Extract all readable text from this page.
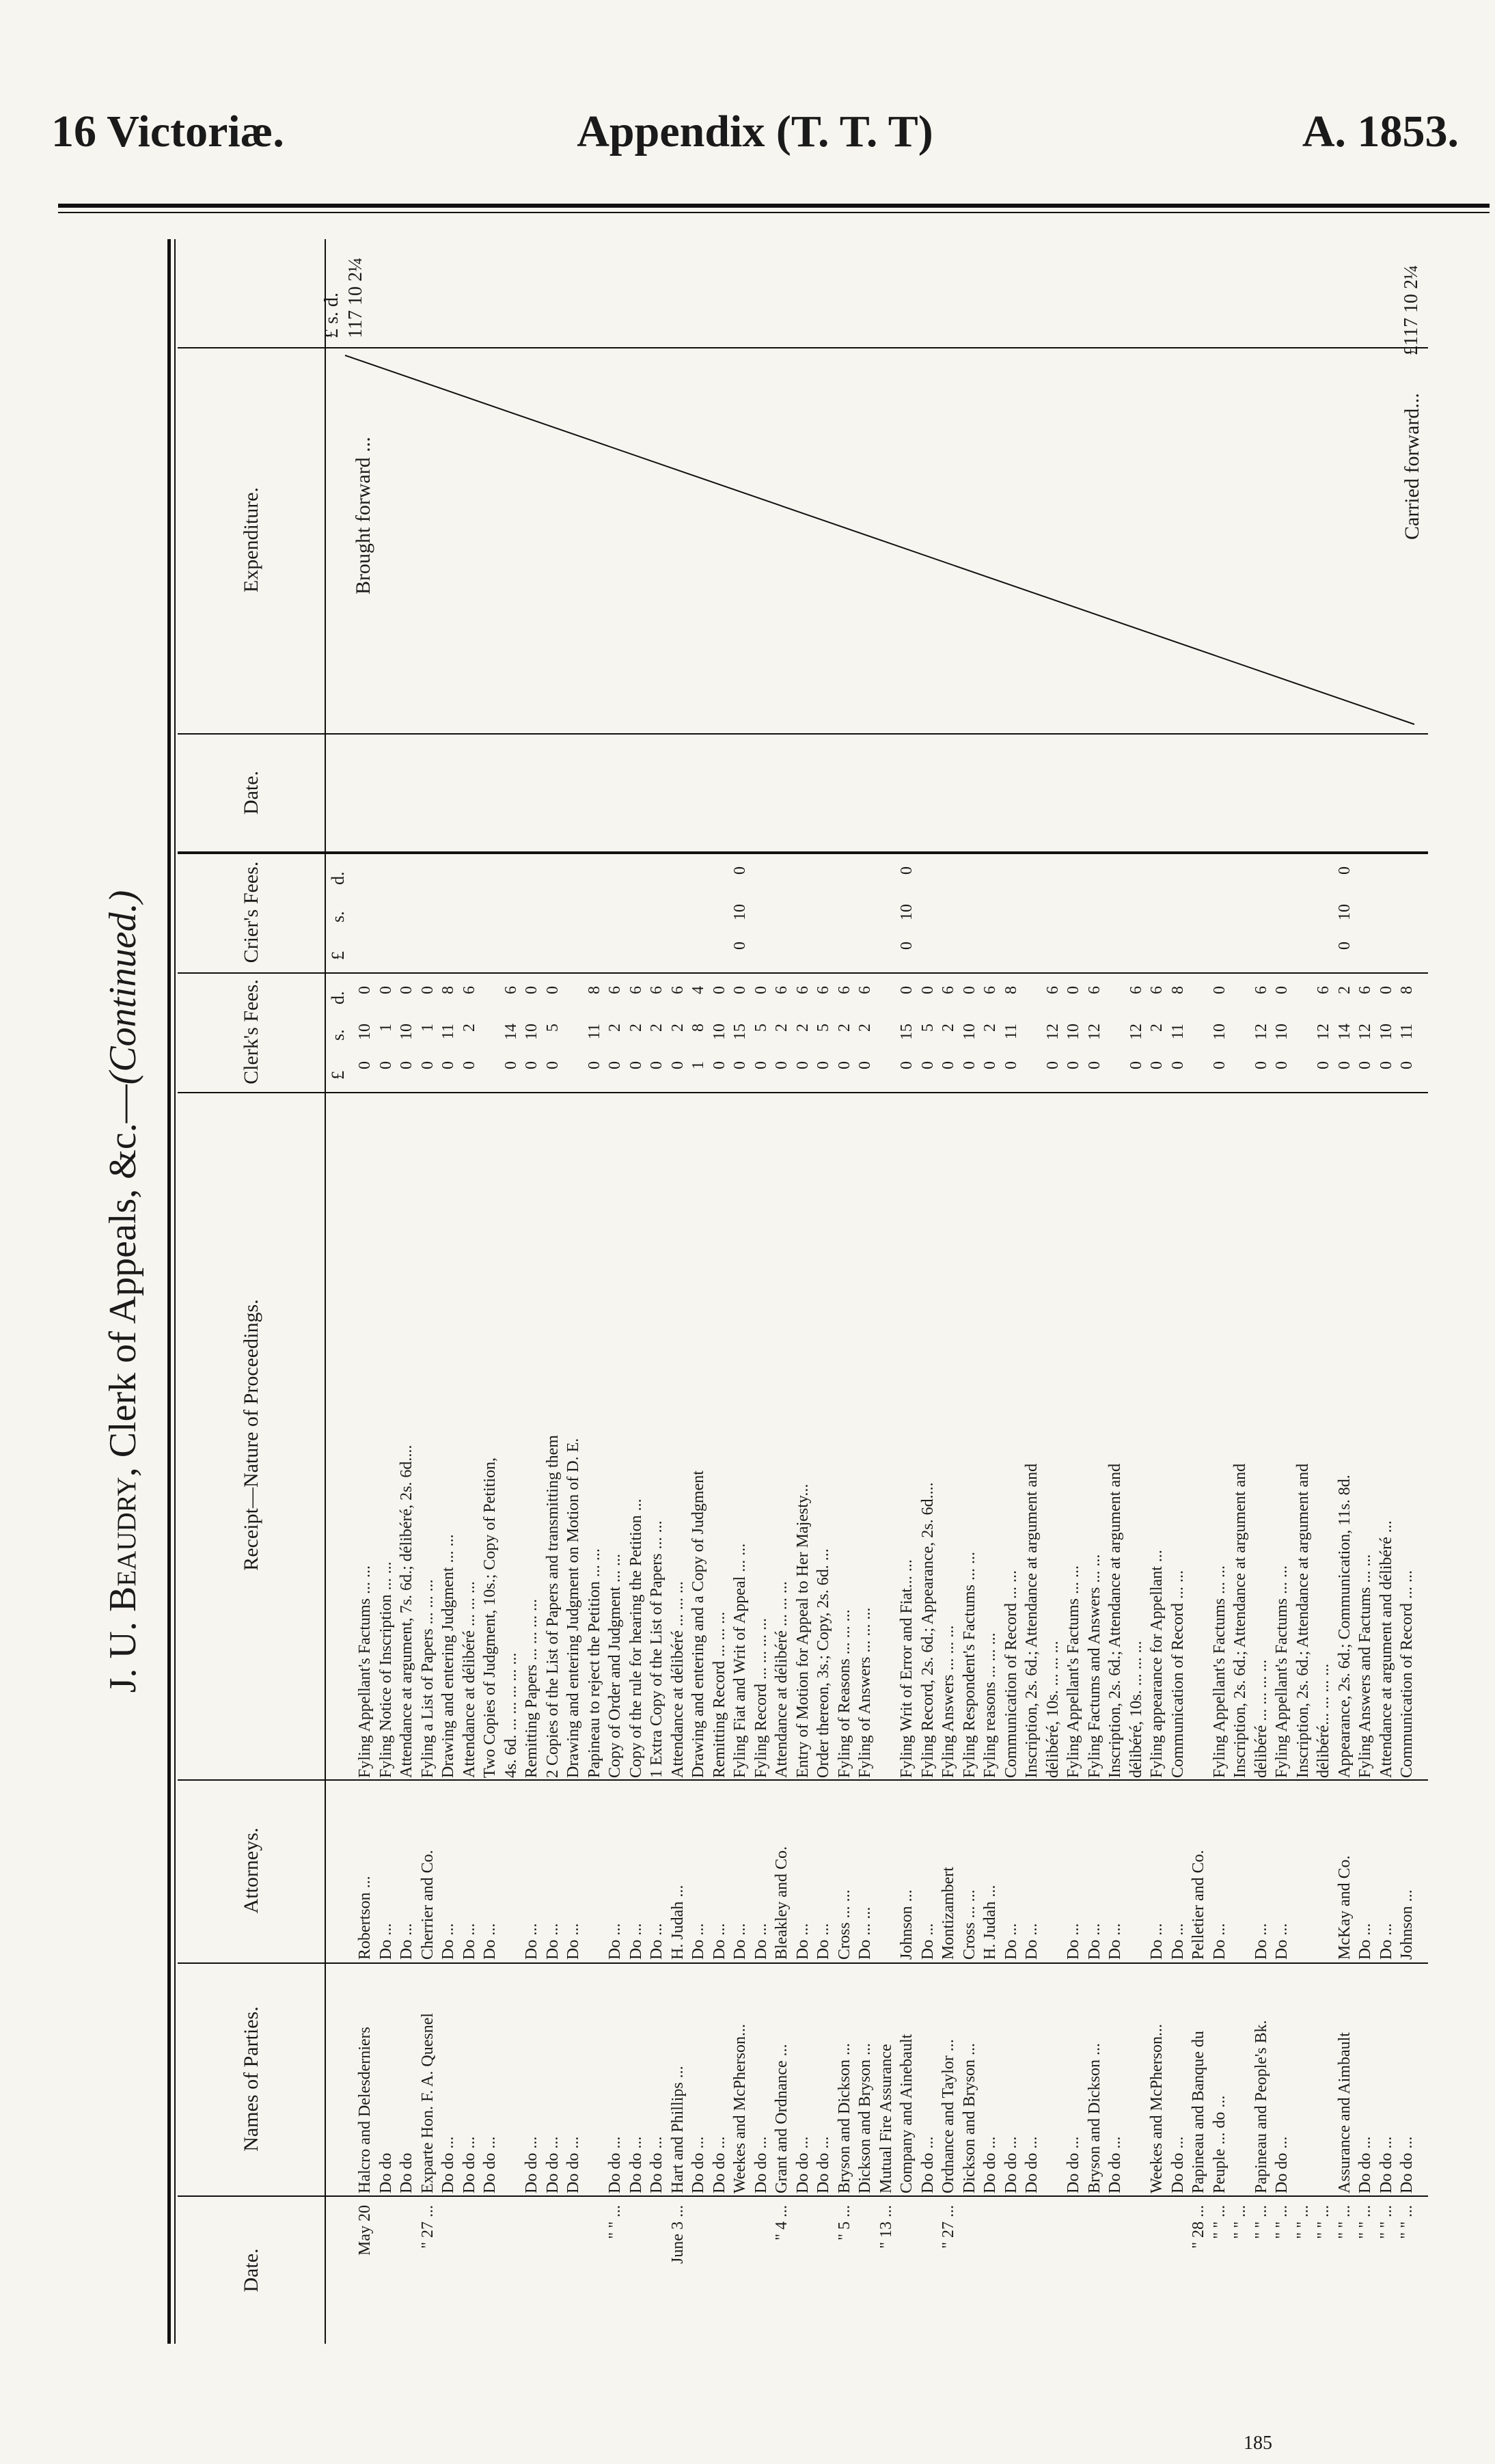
16 Victoriæ.	Appendix (T. T. T)	A. 1853.
J. U. Beaudry, Clerk of Appeals, &c.—(Continued.)
Date.
Names of Parties.
Attorneys.
Receipt—Nature of Proceedings.
Clerk's Fees.
Crier's Fees.
Date.
Expenditure.
£
s.
d.
£
s.
d.
Brought forward ...
£ s. d.
117 10 2¼
Carried forward...
£117 10 2¼
May 20
Halcro and Delesderniers
Robertson ...
Fyling Appellant's Factums ... ...
0
10
0
Do do
Do ...
Fyling Notice of Inscription ... ...
0
1
0
Do do
Do ...
Attendance at argument, 7s. 6d.; délibéré, 2s. 6d....
0
10
0
" 27 ...
Exparte Hon. F. A. Quesnel
Cherrier and Co.
Fyling a List of Papers ... ... ...
0
1
0
Do do ...
Do ...
Drawing and entering Judgment ... ...
0
11
8
Do do ...
Do ...
Attendance at délibéré ... ... ...
0
2
6
Do do ...
Do ...
Two Copies of Judgment, 10s.; Copy of Petition, 4s. 6d. ... ... ... ... ...
0
14
6
Do do ...
Do ...
Remitting Papers ... ... ... ...
0
10
0
Do do ...
Do ...
2 Copies of the List of Papers and transmitting them
0
5
0
Do do ...
Do ...
Drawing and entering Judgment on Motion of D. E. Papineau to reject the Petition ... ...
0
11
8
" " ...
Do do ...
Do ...
Copy of Order and Judgment ... ...
0
2
6
Do do ...
Do ...
Copy of the rule for hearing the Petition ...
0
2
6
Do do ...
Do ...
1 Extra Copy of the List of Papers ... ...
0
2
6
June 3 ...
Hart and Phillips ...
H. Judah ...
Attendance at délibéré ... ... ...
0
2
6
Do do ...
Do ...
Drawing and entering and a Copy of Judgment
1
8
4
Do do ...
Do ...
Remitting Record ... ... ...
0
10
0
Weekes and McPherson...
Do ...
Fyling Fiat and Writ of Appeal ... ...
0
15
0
0
10
0
Do do ...
Do ...
Fyling Record ... ... ... ...
0
5
0
" 4 ...
Grant and Ordnance ...
Bleakley and Co.
Attendance at délibéré ... ... ...
0
2
6
Do do ...
Do ...
Entry of Motion for Appeal to Her Majesty...
0
2
6
Do do ...
Do ...
Order thereon, 3s.; Copy, 2s. 6d. ...
0
5
6
" 5 ...
Bryson and Dickson ...
Cross ... ...
Fyling of Reasons ... ... ...
0
2
6
Dickson and Bryson ...
Do ... ...
Fyling of Answers ... ... ...
0
2
6
" 13 ...
Mutual Fire Assurance Company and Ainebault
Johnson ...
Fyling Writ of Error and Fiat... ...
0
15
0
0
10
0
Do do ...
Do ...
Fyling Record, 2s. 6d.; Appearance, 2s. 6d....
0
5
0
" 27 ...
Ordnance and Taylor ...
Montizambert
Fyling Answers ... ... ...
0
2
6
Dickson and Bryson ...
Cross ... ...
Fyling Respondent's Factums ... ...
0
10
0
Do do ...
H. Judah ...
Fyling reasons ... ... ...
0
2
6
Do do ...
Do ...
Communication of Record ... ...
0
11
8
Do do ...
Do ...
Inscription, 2s. 6d.; Attendance at argument and délibéré, 10s. ... ... ...
0
12
6
Do do ...
Do ...
Fyling Appellant's Factums ... ...
0
10
0
Bryson and Dickson ...
Do ...
Fyling Factums and Answers ... ...
0
12
6
Do do ...
Do ...
Inscription, 2s. 6d.; Attendance at argument and délibéré, 10s. ... ... ...
0
12
6
Weekes and McPherson...
Do ...
Fyling appearance for Appellant ...
0
2
6
Do do ...
Do ...
Communication of Record ... ...
0
11
8
" 28 ...
Papineau and Banque du
Pelletier and Co.
" " ...
Peuple ... do ...
Do ...
Fyling Appellant's Factums ... ...
0
10
0
" " ...
Inscription, 2s. 6d.; Attendance at argument and
" " ...
Papineau and People's Bk.
Do ...
délibéré ... ... ... ...
0
12
6
" " ...
Do do ...
Do ...
Fyling Appellant's Factums ... ...
0
10
0
" " ...
Inscription, 2s. 6d.; Attendance at argument and
" " ...
délibéré... ... ... ...
0
12
6
" " ...
Assurance and Aimbault
McKay and Co.
Appearance, 2s. 6d.; Communication, 11s. 8d.
0
14
2
0
10
0
" " ...
Do do ...
Do ...
Fyling Answers and Factums ... ...
0
12
6
" " ...
Do do ...
Do ...
Attendance at argument and délibéré ...
0
10
0
" " ...
Do do ...
Johnson ...
Communication of Record ... ...
0
11
8
185
